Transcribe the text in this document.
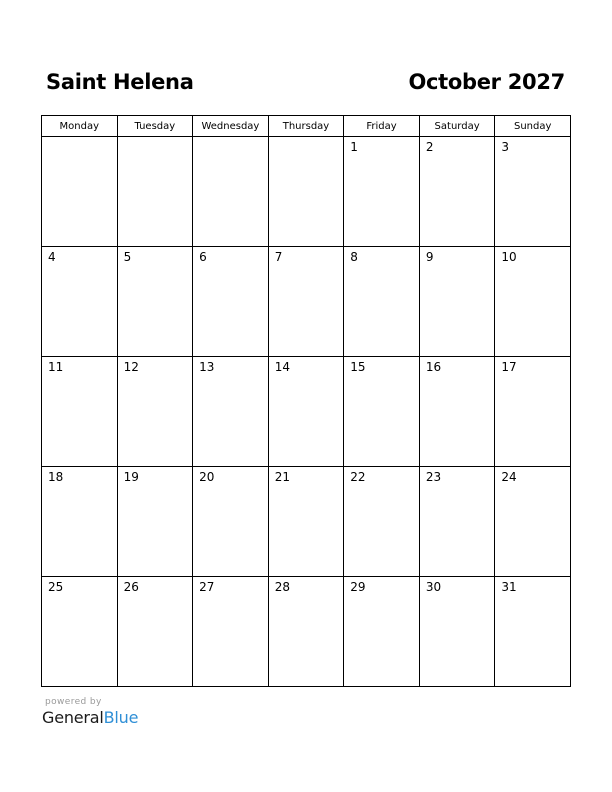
Saint Helena	October 2027
Monday	Tuesday	Wednesday	Thursday	Friday	Saturday	Sunday

				1	2	3

4	5	6	7	8	9	10

11	12	13	14	15	16	17

18	19	20	21	22	23	24

25	26	27	28	29	30	31
powered by
GeneralBlue
